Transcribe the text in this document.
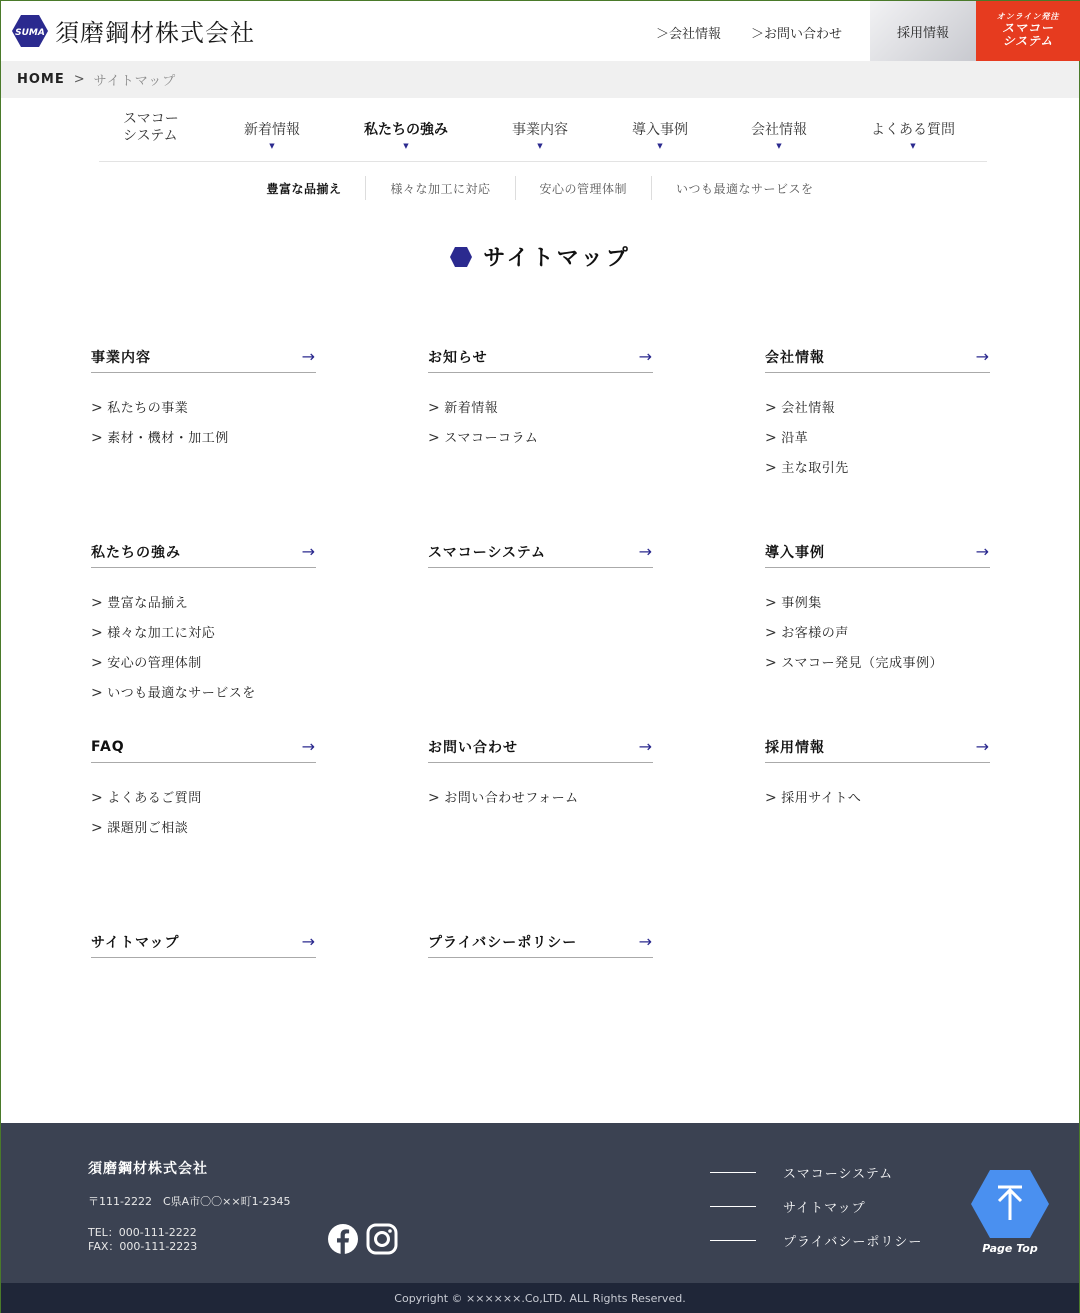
SUMA 須磨鋼材株式会社	＞会社情報 ＞お問い合わせ	採用情報
オンライン発注
スマコー
システム
HOME > サイトマップ
スマコー
システム	新着情報
▼
私たちの強み
▼
事業内容
▼
導入事例
▼
会社情報
▼
よくある質問
▼
豊富な品揃え	様々な加工に対応	安心の管理体制	いつも最適なサービスを
サイトマップ
事業内容	→
> 私たちの事業
> 素材・機材・加工例
お知らせ	→
> 新着情報
> スマコーコラム
会社情報	→
> 会社情報
> 沿革
> 主な取引先
私たちの強み	→
> 豊富な品揃え
> 様々な加工に対応
> 安心の管理体制
> いつも最適なサービスを
スマコーシステム	→	導入事例	→
> 事例集
> お客様の声
> スマコー発見（完成事例）
FAQ	→
> よくあるご質問
> 課題別ご相談
お問い合わせ	→
> お問い合わせフォーム
採用情報	→
> 採用サイトへ
サイトマップ	→	プライバシーポリシー	→
須磨鋼材株式会社
〒111-2222　C県A市〇〇××町1-2345
TEL：000-111-2222
FAX：000-111-2223
スマコーシステム
サイトマップ
プライバシーポリシー	Page Top
Copyright © ××××××.Co,LTD. ALL Rights Reserved.
